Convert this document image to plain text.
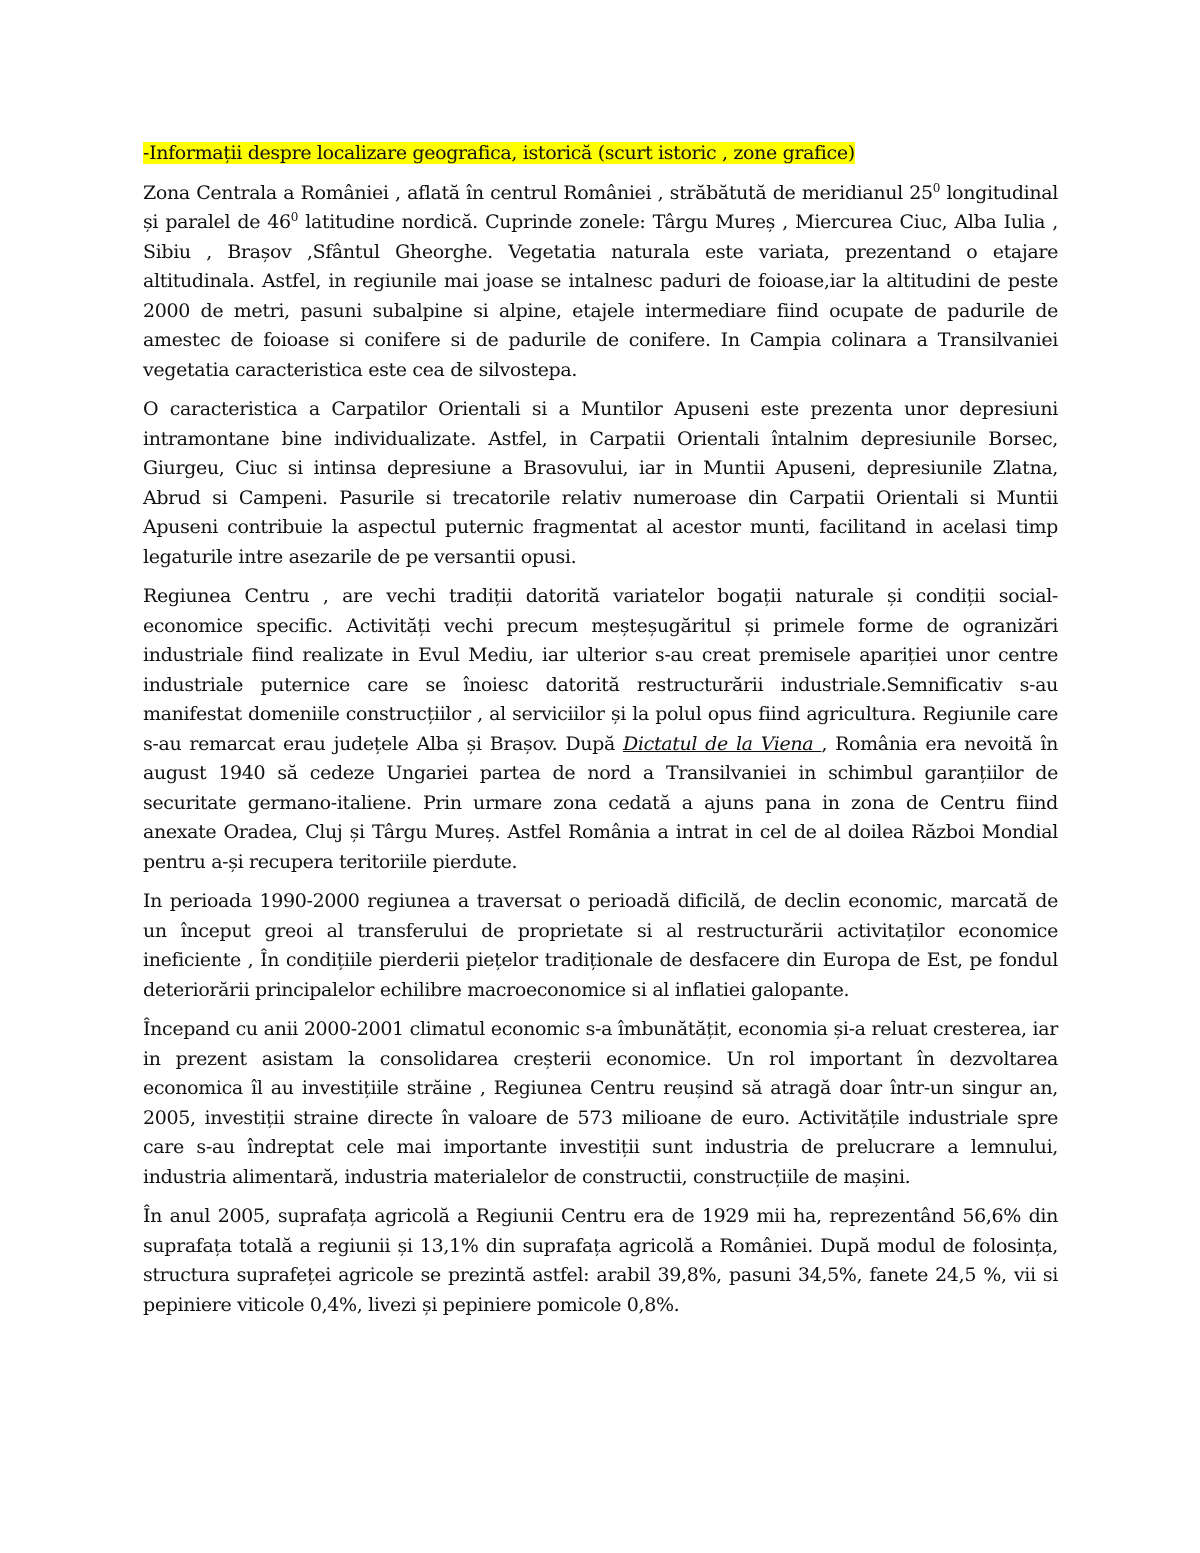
-Informații despre localizare geografica, istorică (scurt istoric , zone grafice)

Zona Centrala a României , aflată în centrul României , străbătută de meridianul $25^0$ longitudinal și paralel de $46^0$ latitudine nordică. Cuprinde zonele: Târgu Mureș , Miercurea Ciuc, Alba Iulia , Sibiu , Brașov ,Sfântul Gheorghe. Vegetatia naturala este variata, prezentand o etajare altitudinala. Astfel, in regiunile mai joase se intalnesc paduri de foioase,iar la altitudini de peste 2000 de metri, pasuni subalpine si alpine, etajele intermediare fiind ocupate de padurile de amestec de foioase si conifere si de padurile de conifere. In Campia colinara a Transilvaniei vegetatia caracteristica este cea de silvostepa.

O caracteristica a Carpatilor Orientali si a Muntilor Apuseni este prezenta unor depresiuni intramontane bine individualizate. Astfel, in Carpatii Orientali întalnim depresiunile Borsec, Giurgeu, Ciuc si intinsa depresiune a Brasovului, iar in Muntii Apuseni, depresiunile Zlatna, Abrud si Campeni. Pasurile si trecatorile relativ numeroase din Carpatii Orientali si Muntii Apuseni contribuie la aspectul puternic fragmentat al acestor munti, facilitand in acelasi timp legaturile intre asezarile de pe versantii opusi.

Regiunea Centru , are vechi tradiții datorită variatelor bogații naturale și condiții social-economice specific. Activități vechi precum meșteșugăritul și primele forme de ogranizări industriale fiind realizate in Evul Mediu, iar ulterior s-au creat premisele apariției unor centre industriale puternice care se înoiesc datorită restructurării industriale.Semnificativ s-au manifestat domeniile construcțiilor , al serviciilor și la polul opus fiind agricultura. Regiunile care s-au remarcat erau județele Alba și Brașov. După Dictatul de la Viena , România era nevoită în august 1940 să cedeze Ungariei partea de nord a Transilvaniei in schimbul garanțiilor de securitate germano-italiene. Prin urmare zona cedată a ajuns pana in zona de Centru fiind anexate Oradea, Cluj și Târgu Mureș. Astfel România a intrat in cel de al doilea Război Mondial pentru a-și recupera teritoriile pierdute.

In perioada 1990-2000 regiunea a traversat o perioadă dificilă, de declin economic, marcată de un început greoi al transferului de proprietate si al restructurării activitaților economice ineficiente , În condițiile pierderii piețelor tradiționale de desfacere din Europa de Est, pe fondul deteriorării principalelor echilibre macroeconomice si al inflatiei galopante.

Începand cu anii 2000-2001 climatul economic s-a îmbunătățit, economia și-a reluat cresterea, iar in prezent asistam la consolidarea creșterii economice. Un rol important în dezvoltarea economica îl au investițiile străine , Regiunea Centru reușind să atragă doar într-un singur an, 2005, investiții straine directe în valoare de 573 milioane de euro. Activitățile industriale spre care s-au îndreptat cele mai importante investiții sunt industria de prelucrare a lemnului, industria alimentară, industria materialelor de constructii, construcțiile de mașini.

În anul 2005, suprafața agricolă a Regiunii Centru era de 1929 mii ha, reprezentând 56,6% din suprafața totală a regiunii și 13,1% din suprafața agricolă a României. După modul de folosința, structura suprafeței agricole se prezintă astfel: arabil 39,8%, pasuni 34,5%, fanete 24,5 %, vii si pepiniere viticole 0,4%, livezi și pepiniere pomicole 0,8%.
